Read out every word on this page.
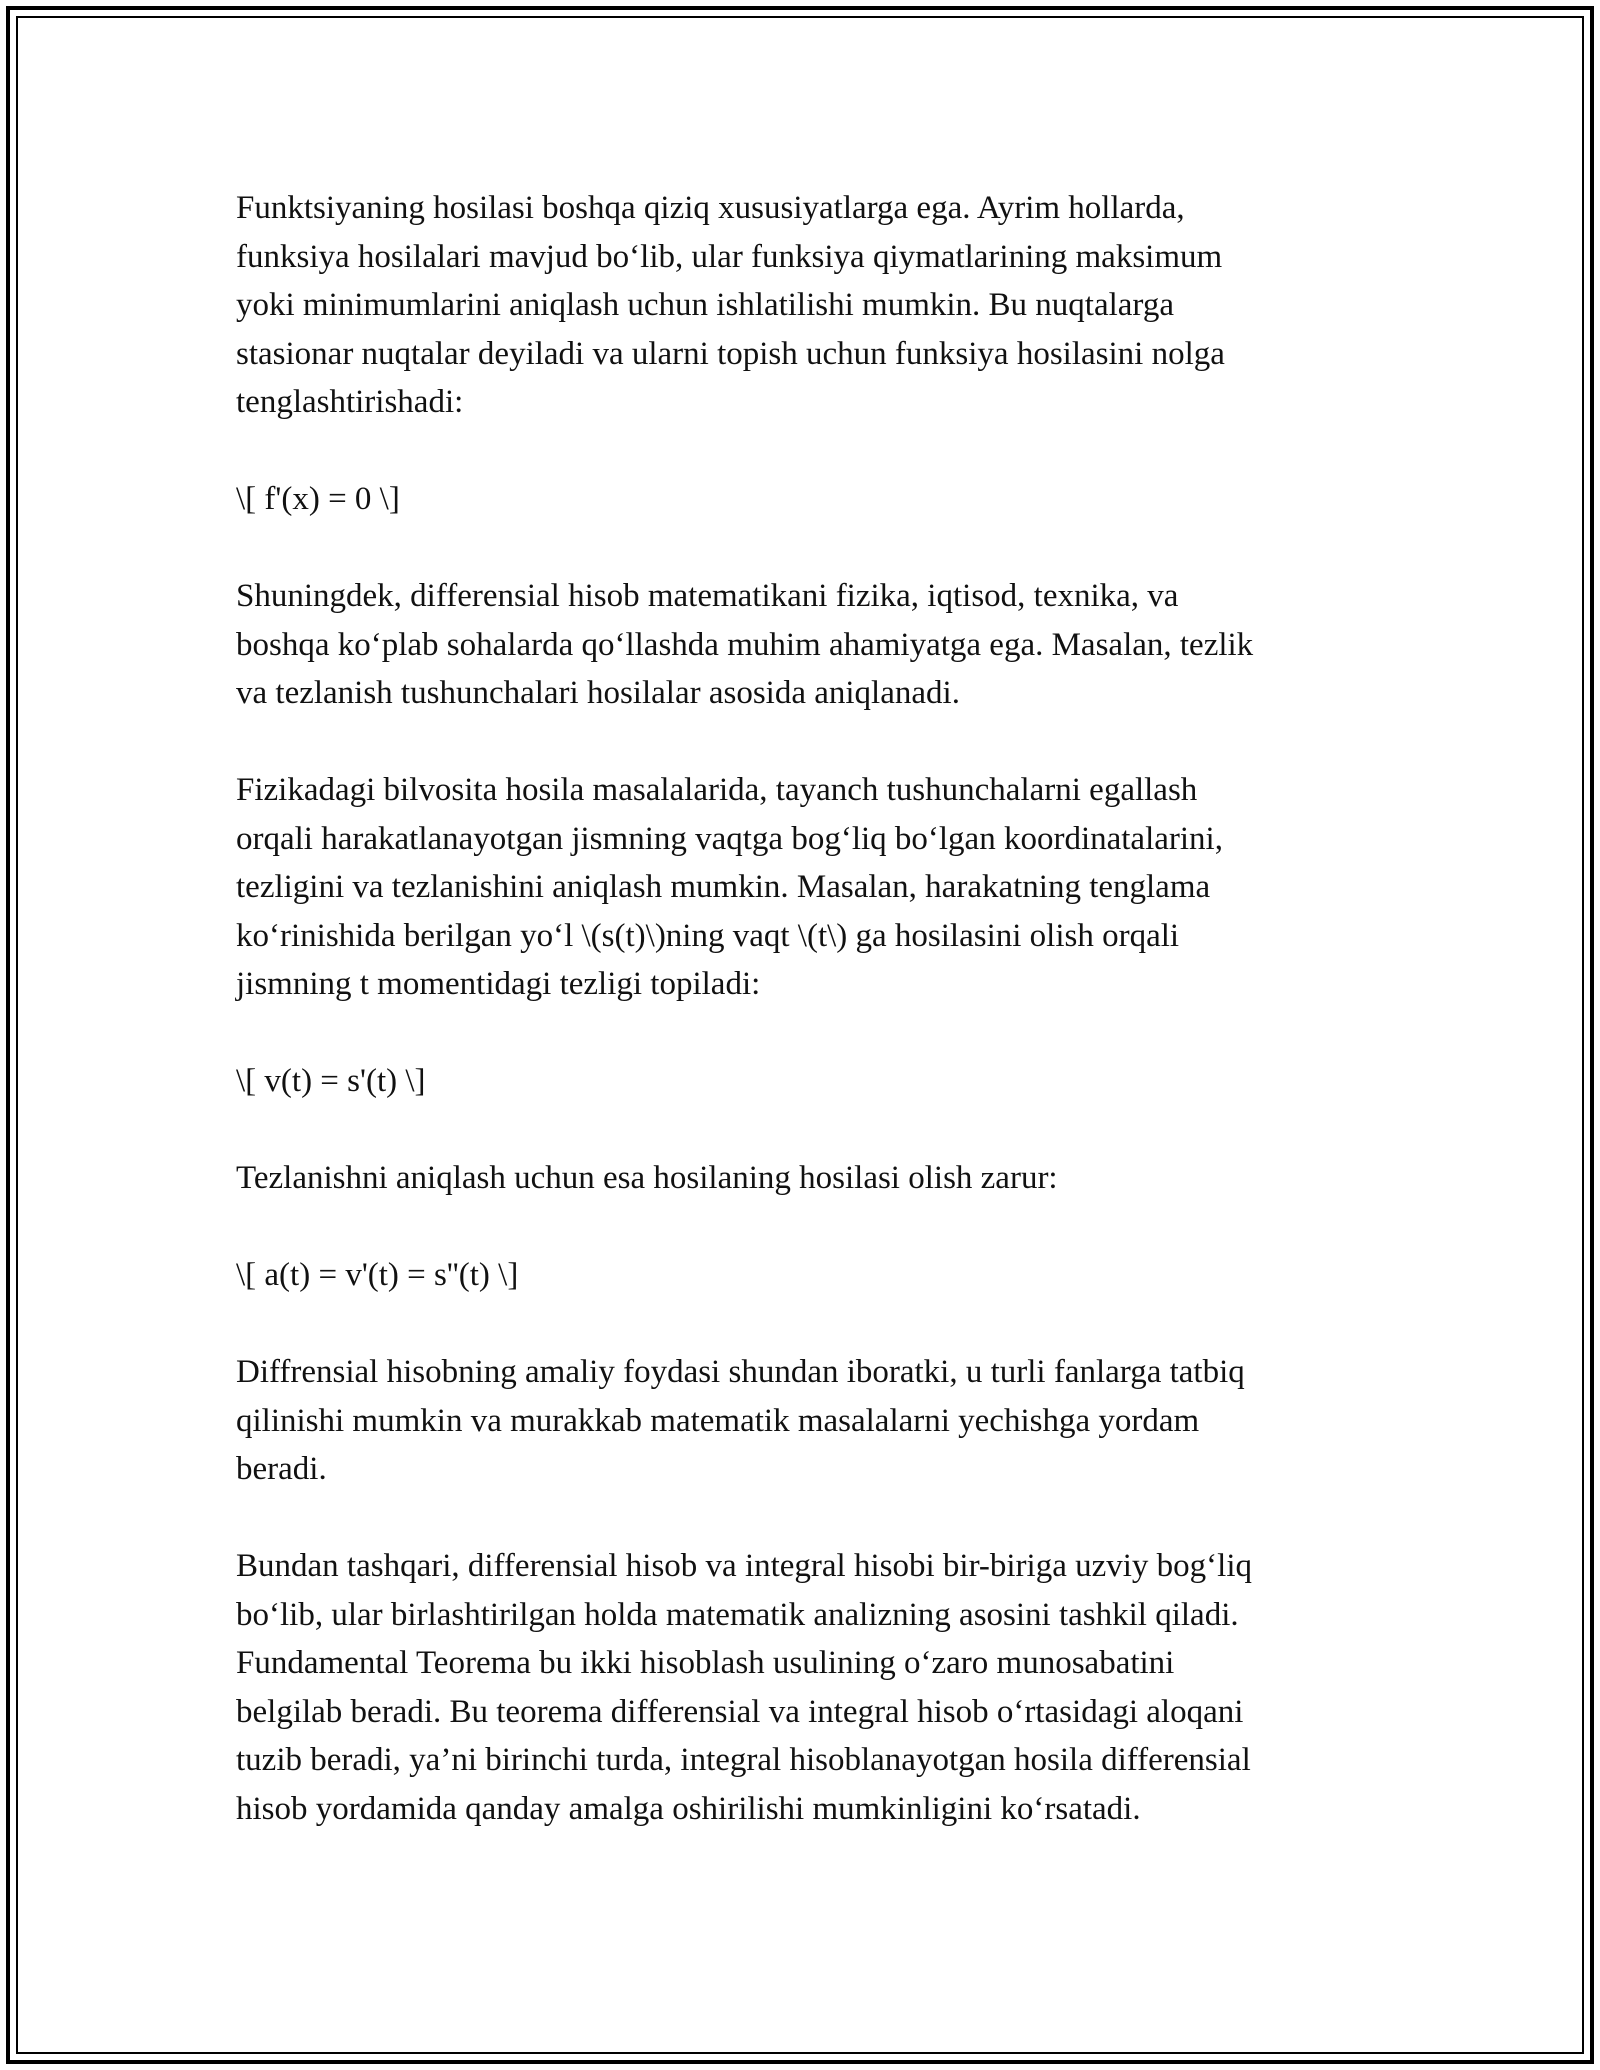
Funktsiyaning hosilasi boshqa qiziq xususiyatlarga ega. Ayrim hollarda,
funksiya hosilalari mavjud bo‘lib, ular funksiya qiymatlarining maksimum
yoki minimumlarini aniqlash uchun ishlatilishi mumkin. Bu nuqtalarga
stasionar nuqtalar deyiladi va ularni topish uchun funksiya hosilasini nolga
tenglashtirishadi:

\[ f'(x) = 0 \]

Shuningdek, differensial hisob matematikani fizika, iqtisod, texnika, va
boshqa ko‘plab sohalarda qo‘llashda muhim ahamiyatga ega. Masalan, tezlik
va tezlanish tushunchalari hosilalar asosida aniqlanadi.

Fizikadagi bilvosita hosila masalalarida, tayanch tushunchalarni egallash
orqali harakatlanayotgan jismning vaqtga bog‘liq bo‘lgan koordinatalarini,
tezligini va tezlanishini aniqlash mumkin. Masalan, harakatning tenglama
ko‘rinishida berilgan yo‘l \(s(t)\)ning vaqt \(t\) ga hosilasini olish orqali
jismning t momentidagi tezligi topiladi:

\[ v(t) = s'(t) \]

Tezlanishni aniqlash uchun esa hosilaning hosilasi olish zarur:

\[ a(t) = v'(t) = s''(t) \]

Diffrensial hisobning amaliy foydasi shundan iboratki, u turli fanlarga tatbiq
qilinishi mumkin va murakkab matematik masalalarni yechishga yordam
beradi.

Bundan tashqari, differensial hisob va integral hisobi bir-biriga uzviy bog‘liq
bo‘lib, ular birlashtirilgan holda matematik analizning asosini tashkil qiladi.
Fundamental Teorema bu ikki hisoblash usulining o‘zaro munosabatini
belgilab beradi. Bu teorema differensial va integral hisob o‘rtasidagi aloqani
tuzib beradi, ya’ni birinchi turda, integral hisoblanayotgan hosila differensial
hisob yordamida qanday amalga oshirilishi mumkinligini ko‘rsatadi.
